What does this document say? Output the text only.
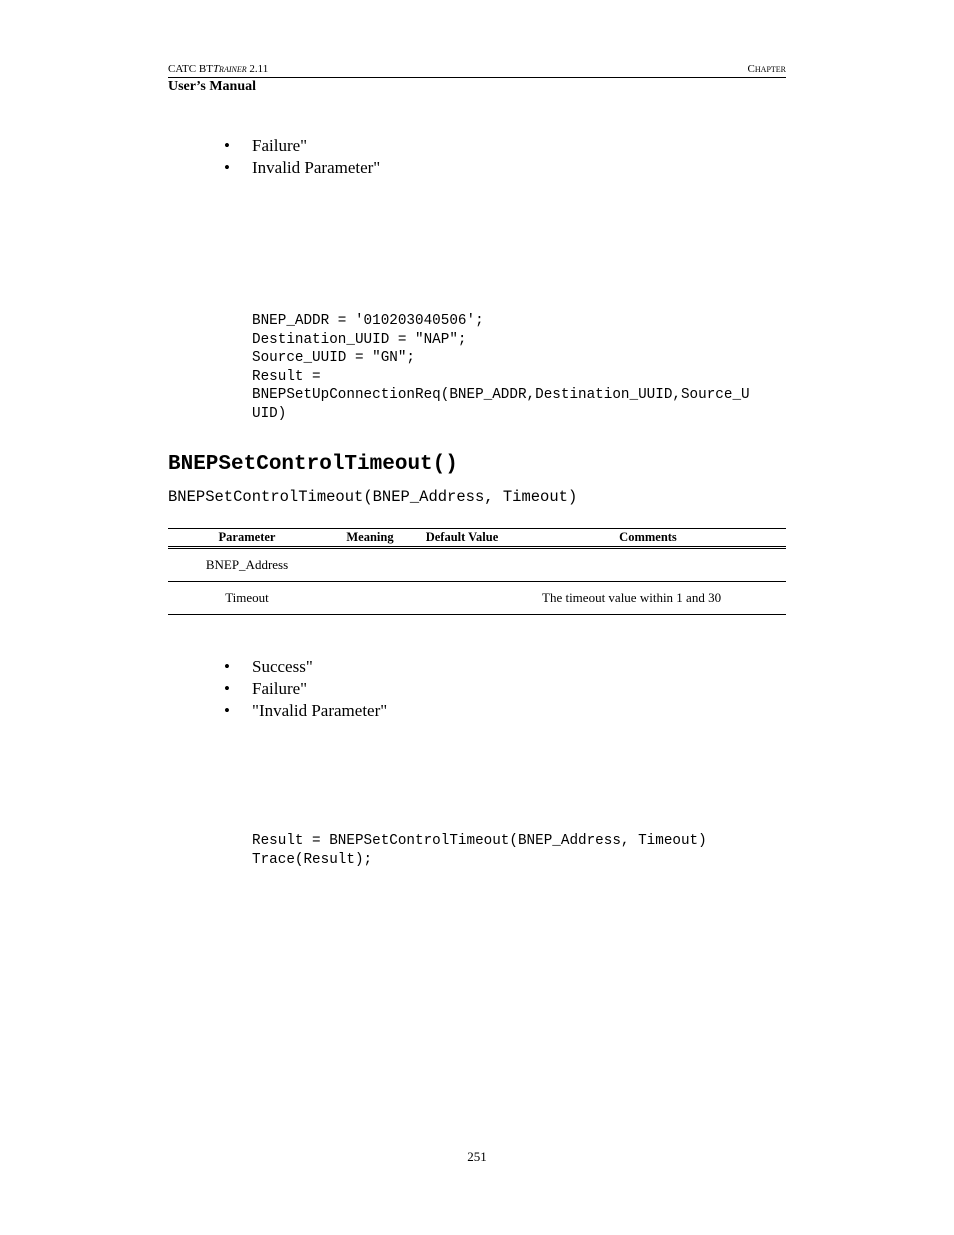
CATC BTTrainer 2.11	Chapter
User’s Manual
• Failure"
• Invalid Parameter"
BNEP_ADDR = '010203040506';
Destination_UUID = "NAP";
Source_UUID = "GN";
Result =
BNEPSetUpConnectionReq(BNEP_ADDR,Destination_UUID,Source_U
UID)
BNEPSetControlTimeout()
BNEPSetControlTimeout(BNEP_Address, Timeout)
Parameter	Meaning	Default Value	Comments
BNEP_Address			
Timeout			The timeout value within 1 and 30
• Success"
• Failure"
• "Invalid Parameter"
Result = BNEPSetControlTimeout(BNEP_Address, Timeout)
Trace(Result);
251
